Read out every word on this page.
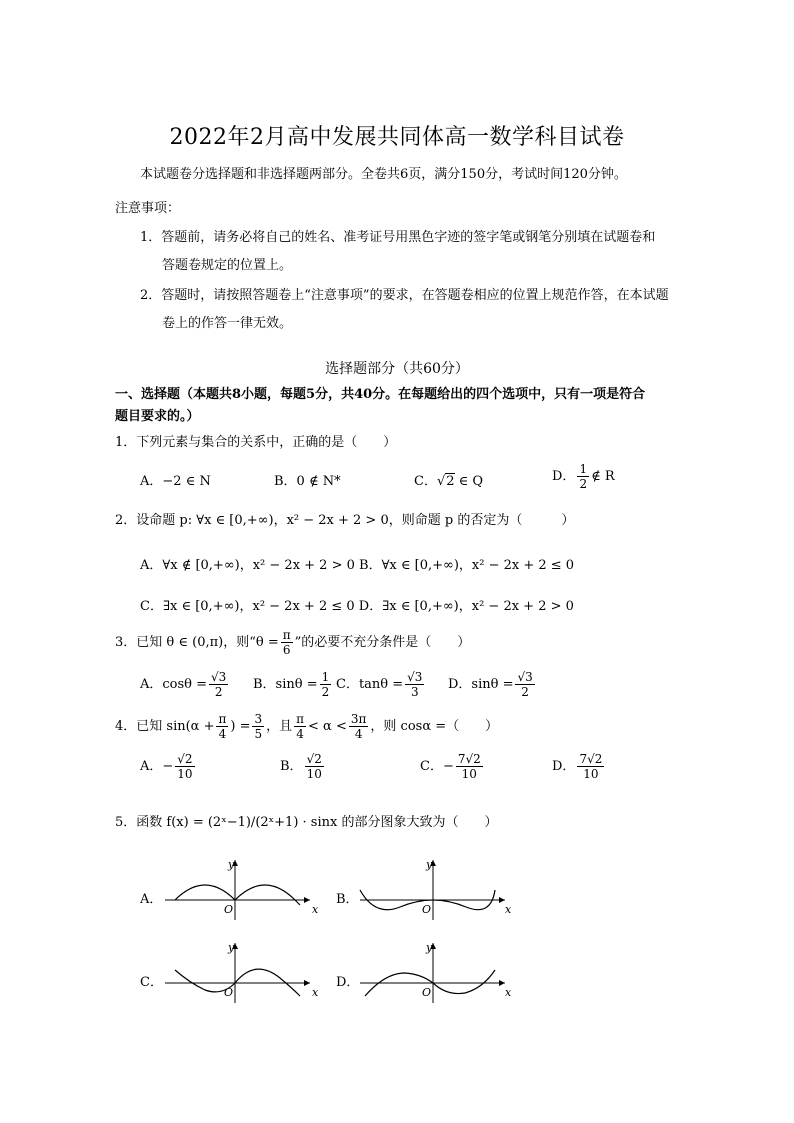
2022年2月高中发展共同体高一数学科目试卷
本试题卷分选择题和非选择题两部分。全卷共6页，满分150分，考试时间120分钟。
注意事项：
1．答题前，请务必将自己的姓名、准考证号用黑色字迹的签字笔或钢笔分别填在试题卷和
答题卷规定的位置上。
2．答题时，请按照答题卷上“注意事项”的要求，在答题卷相应的位置上规范作答，在本试题
卷上的作答一律无效。
选择题部分（共60分）
一、选择题（本题共8小题，每题5分，共40分。在每题给出的四个选项中，只有一项是符合
题目要求的。）
1．下列元素与集合的关系中，正确的是（　　）
A．−2 ∈ N	B．0 ∉ N*	C．√2 ∈ Q	D． $\frac{1}{2}$ ∉ R
2．设命题 p: ∀x ∈ [0,+∞)，x² − 2x + 2 > 0，则命题 p 的否定为（　　　）
A．∀x ∉ [0,+∞)，x² − 2x + 2 > 0 B．∀x ∈ [0,+∞)，x² − 2x + 2 ≤ 0
C．∃x ∈ [0,+∞)，x² − 2x + 2 ≤ 0 D．∃x ∈ [0,+∞)，x² − 2x + 2 > 0
3．已知 θ ∈ (0,π)，则“$\theta = \frac{\pi}{6}$ ”的必要不充分条件是（　　）
A．$\cos\theta = \frac{√3}{2}$ B．$\sin\theta = \frac{1}{2}$ C．$\tan\theta = \frac{√3}{3}$ D．$\sin\theta = \frac{√3}{2}$
4．已知 $\sin(\alpha + \frac{\pi}{4}$ ) = $\frac{3}{5}$ ，且 $\frac{\pi}{4} < \alpha < \frac{3\pi}{4}$ ，则 cosα =（　　）
A．− $\frac{√2}{10}$	B． $\frac{√2}{10}$	C．− $\frac{7√2}{10}$	D． $\frac{7√2}{10}$
5．函数 f(x) = (2ˣ−1)/(2ˣ+1) · sinx 的部分图象大致为（　　）
A．	B．
C．	D．
y
x
O
y
x
O
y
x
O
y
x
O
